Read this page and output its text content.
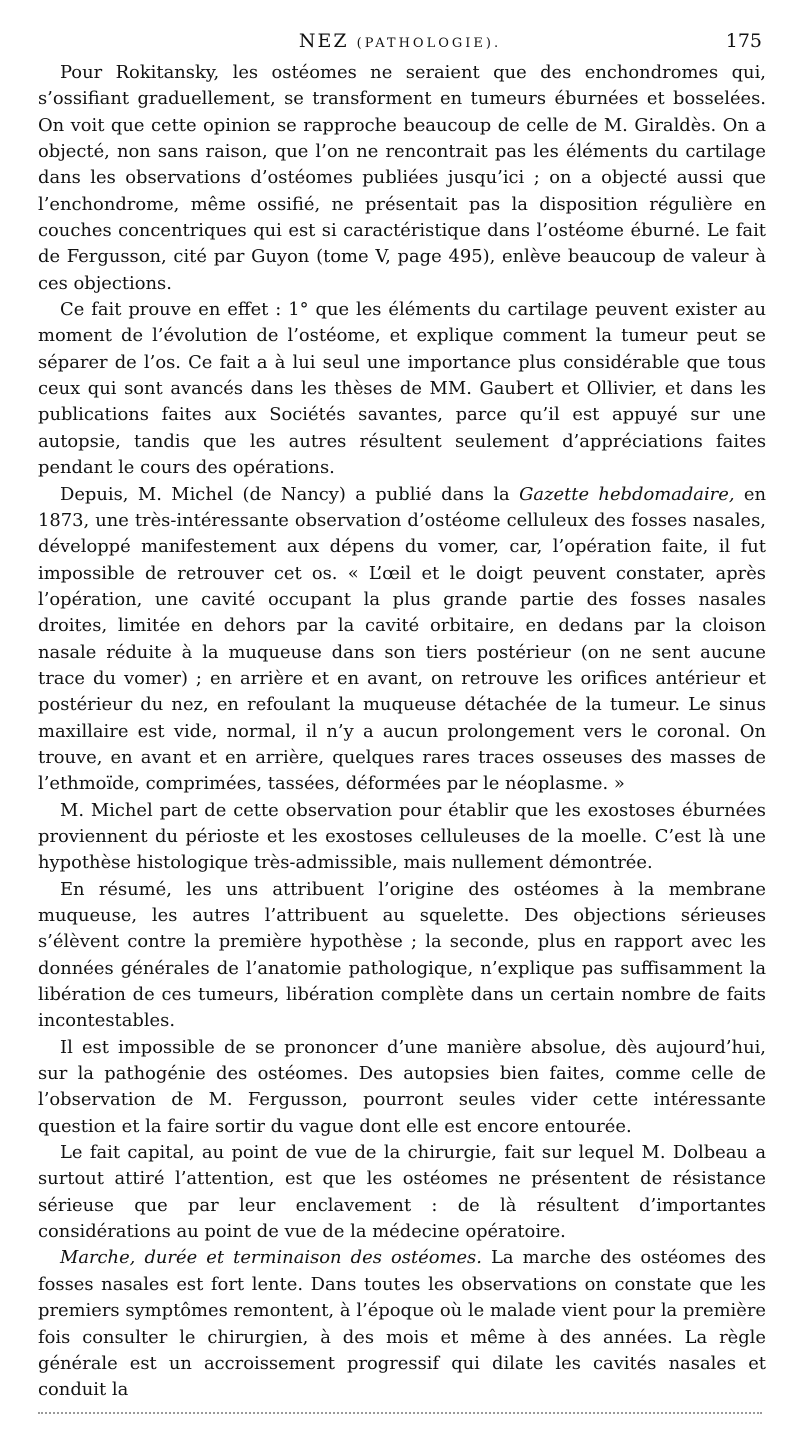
NEZ (PATHOLOGIE).	175

Pour Rokitansky, les ostéomes ne seraient que des enchondromes qui, s’ossifiant graduellement, se transforment en tumeurs éburnées et bosselées. On voit que cette opinion se rapproche beaucoup de celle de M. Giraldès. On a objecté, non sans raison, que l’on ne rencontrait pas les éléments du cartilage dans les observations d’ostéomes publiées jusqu’ici ; on a objecté aussi que l’enchondrome, même ossifié, ne présentait pas la disposition régulière en couches concentriques qui est si caractéristique dans l’ostéome éburné. Le fait de Fergusson, cité par Guyon (tome V, page 495), enlève beaucoup de valeur à ces objections.

Ce fait prouve en effet : 1° que les éléments du cartilage peuvent exister au moment de l’évolution de l’ostéome, et explique comment la tumeur peut se séparer de l’os. Ce fait a à lui seul une importance plus considérable que tous ceux qui sont avancés dans les thèses de MM. Gaubert et Ollivier, et dans les publications faites aux Sociétés savantes, parce qu’il est appuyé sur une autopsie, tandis que les autres résultent seulement d’appréciations faites pendant le cours des opérations.

Depuis, M. Michel (de Nancy) a publié dans la Gazette hebdomadaire, en 1873, une très-intéressante observation d’ostéome celluleux des fosses nasales, développé manifestement aux dépens du vomer, car, l’opération faite, il fut impossible de retrouver cet os. « L’œil et le doigt peuvent constater, après l’opération, une cavité occupant la plus grande partie des fosses nasales droites, limitée en dehors par la cavité orbitaire, en dedans par la cloison nasale réduite à la muqueuse dans son tiers postérieur (on ne sent aucune trace du vomer) ; en arrière et en avant, on retrouve les orifices antérieur et postérieur du nez, en refoulant la muqueuse détachée de la tumeur. Le sinus maxillaire est vide, normal, il n’y a aucun prolongement vers le coronal. On trouve, en avant et en arrière, quelques rares traces osseuses des masses de l’ethmoïde, comprimées, tassées, déformées par le néoplasme. »

M. Michel part de cette observation pour établir que les exostoses éburnées proviennent du périoste et les exostoses celluleuses de la moelle. C’est là une hypothèse histologique très-admissible, mais nullement démontrée.

En résumé, les uns attribuent l’origine des ostéomes à la membrane muqueuse, les autres l’attribuent au squelette. Des objections sérieuses s’élèvent contre la première hypothèse ; la seconde, plus en rapport avec les données générales de l’anatomie pathologique, n’explique pas suffisamment la libération de ces tumeurs, libération complète dans un certain nombre de faits incontestables.

Il est impossible de se prononcer d’une manière absolue, dès aujourd’hui, sur la pathogénie des ostéomes. Des autopsies bien faites, comme celle de l’observation de M. Fergusson, pourront seules vider cette intéressante question et la faire sortir du vague dont elle est encore entourée.

Le fait capital, au point de vue de la chirurgie, fait sur lequel M. Dolbeau a surtout attiré l’attention, est que les ostéomes ne présentent de résistance sérieuse que par leur enclavement : de là résultent d’importantes considérations au point de vue de la médecine opératoire.

Marche, durée et terminaison des ostéomes. La marche des ostéomes des fosses nasales est fort lente. Dans toutes les observations on constate que les premiers symptômes remontent, à l’époque où le malade vient pour la première fois consulter le chirurgien, à des mois et même à des années. La règle générale est un accroissement progressif qui dilate les cavités nasales et conduit la
